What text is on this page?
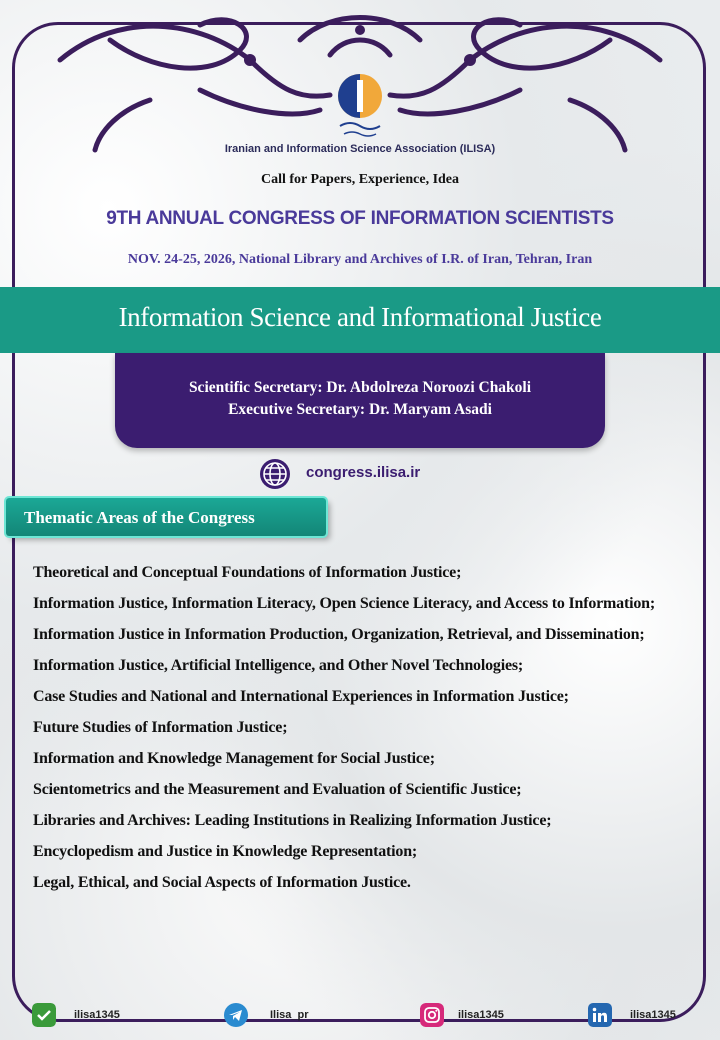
Iranian and Information Science Association (ILISA)
Call for Papers, Experience, Idea
9TH ANNUAL CONGRESS OF INFORMATION SCIENTISTS
NOV. 24-25, 2026, National Library and Archives of I.R. of Iran, Tehran, Iran
Information Science and Informational Justice
Scientific Secretary: Dr. Abdolreza Noroozi Chakoli
Executive Secretary: Dr. Maryam Asadi
congress.ilisa.ir
Thematic Areas of the Congress
Theoretical and Conceptual Foundations of Information Justice;
Information Justice, Information Literacy, Open Science Literacy, and Access to Information;
Information Justice in Information Production, Organization, Retrieval, and Dissemination;
Information Justice, Artificial Intelligence, and Other Novel Technologies;
Case Studies and National and International Experiences in Information Justice;
Future Studies of Information Justice;
Information and Knowledge Management for Social Justice;
Scientometrics and the Measurement and Evaluation of Scientific Justice;
Libraries and Archives: Leading Institutions in Realizing Information Justice;
Encyclopedism and Justice in Knowledge Representation;
Legal, Ethical, and Social Aspects of Information Justice.
ilisa1345	Ilisa_pr	ilisa1345	ilisa1345
